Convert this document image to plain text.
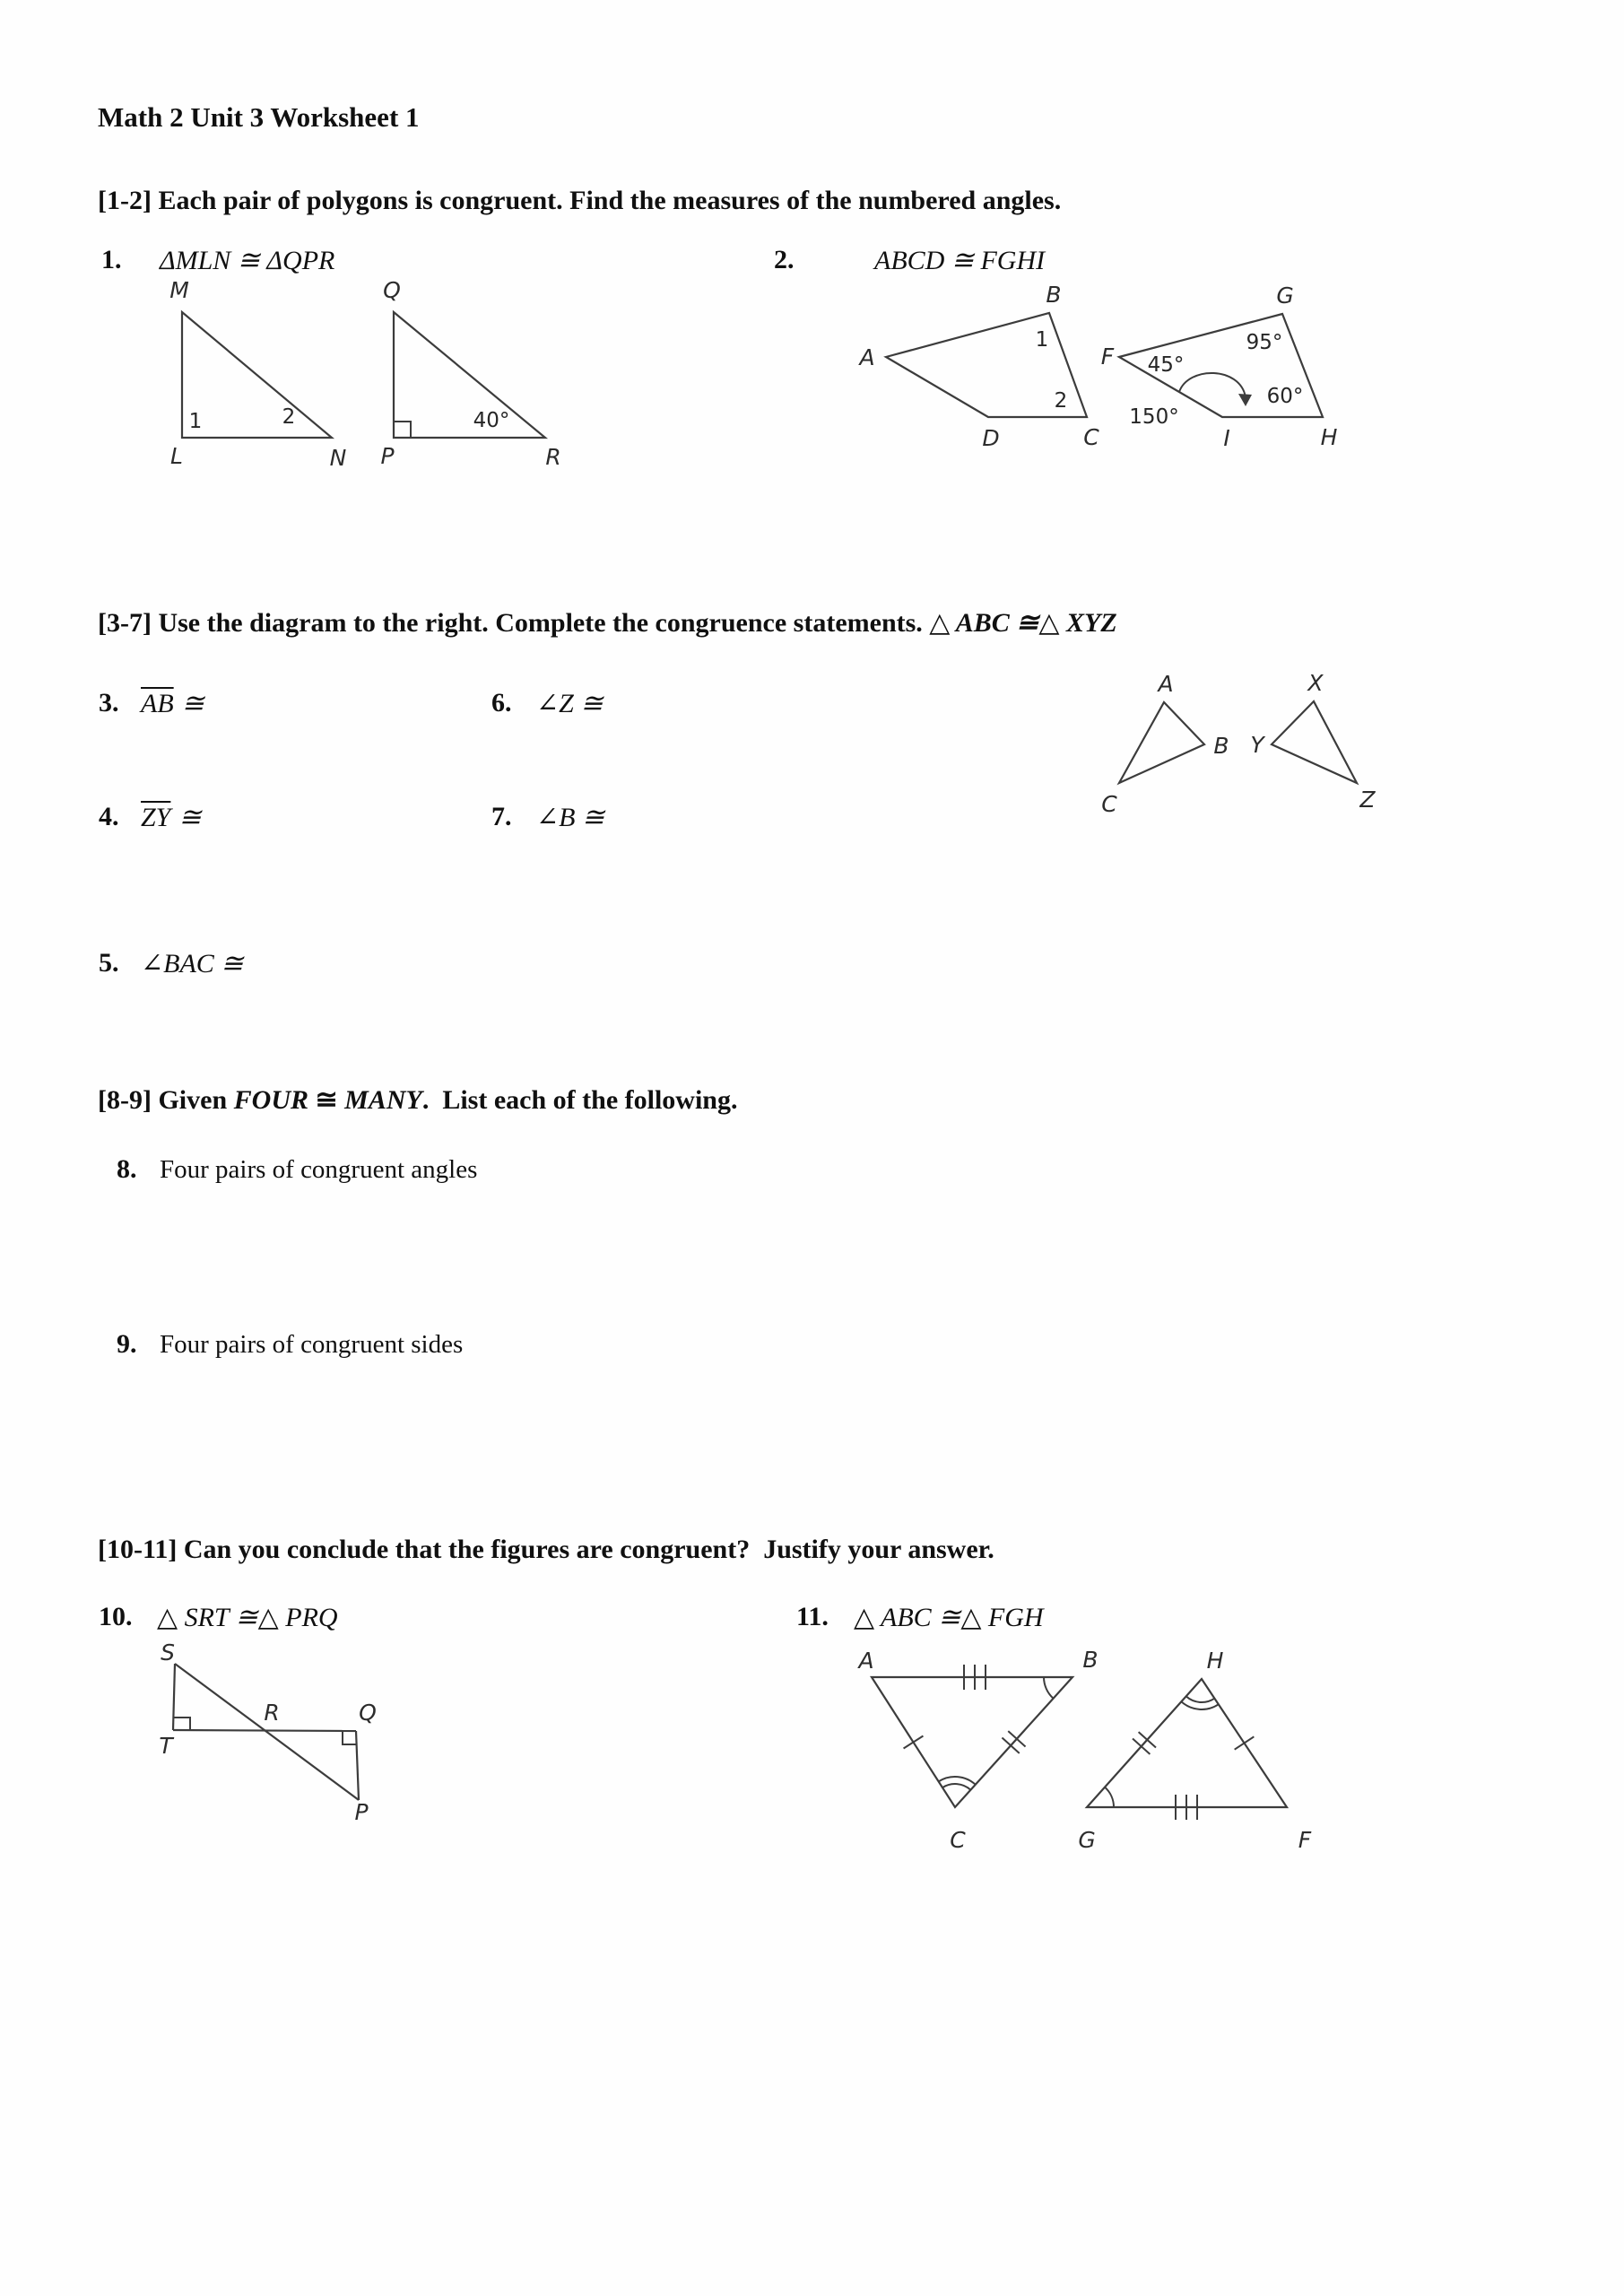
Math 2 Unit 3 Worksheet 1
[1-2] Each pair of polygons is congruent. Find the measures of the numbered angles.
1. ΔMLN ≅ ΔQPR	2.	ABCD ≅ FGHI
M
L	N
1	2
Q
P	R
40°
A
B
C
D
1
2
F
G
H
I
45°
95°
60°
150°
[3-7] Use the diagram to the right. Complete the congruence statements. △ ABC ≅△ XYZ
3. $\overline{AB}$ ≅	6. ∠Z ≅
4. $\overline{ZY}$ ≅	7. ∠B ≅
5. ∠BAC ≅
A
B
C
X
Y
Z
[8-9] Given FOUR ≅ MANY.  List each of the following.
8. Four pairs of congruent angles
9. Four pairs of congruent sides
[10-11] Can you conclude that the figures are congruent?  Justify your answer.
10. △ SRT ≅△ PRQ	11. △ ABC ≅△ FGH
S
T
R	Q
P
A	B
C
H
G	F
